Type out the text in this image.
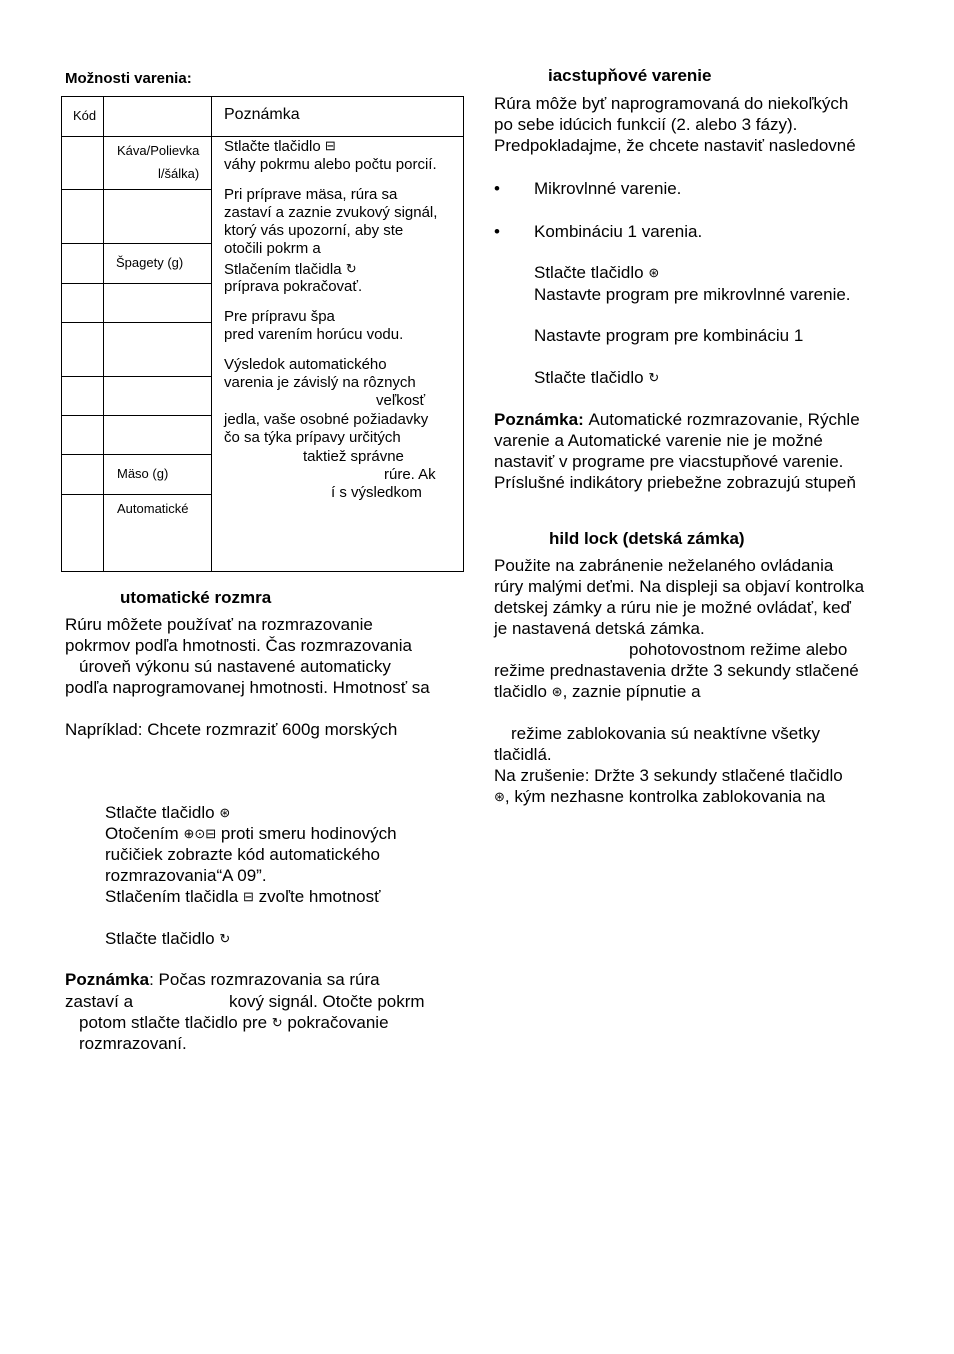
Možnosti varenia:
Kód	Poznámka
Káva/Polievka
l/šálka)
Špagety (g)
Mäso (g)
Automatické
Stlačte tlačidlo ⊟
váhy pokrmu alebo počtu porcií.
Pri príprave mäsa, rúra sa
zastaví a zaznie zvukový signál,
ktorý vás upozorní, aby ste
otočili pokrm a
Stlačením tlačidla ↻
príprava pokračovať.
Pre prípravu špa
pred varením horúcu vodu.
Výsledok automatického
varenia je závislý na rôznych
veľkosť
jedla, vaše osobné požiadavky
čo sa týka prípavy určitých
taktiež správne
rúre. Ak
í s výsledkom
utomatické rozmra
Rúru môžete používať na rozmrazovanie
pokrmov podľa hmotnosti. Čas rozmrazovania
úroveň výkonu sú nastavené automaticky
podľa naprogramovanej hmotnosti. Hmotnosť sa
Napríklad: Chcete rozmraziť 600g morských
Stlačte tlačidlo ⊛
Otočením ⊕⊙⊟ proti smeru hodinových
ručičiek zobrazte kód automatického
rozmrazovania“A 09”.
Stlačením tlačidla ⊟ zvoľte hmotnosť
Stlačte tlačidlo ↻
Poznámka: Počas rozmrazovania sa rúra
zastaví a	kový signál. Otočte pokrm
potom stlačte tlačidlo pre ↻ pokračovanie
rozmrazovaní.
iacstupňové varenie
Rúra môže byť naprogramovaná do niekoľkých
po sebe idúcich funkcií (2. alebo 3 fázy).
Predpokladajme, že chcete nastaviť nasledovné
• Mikrovlnné varenie.
• Kombináciu 1 varenia.
Stlačte tlačidlo ⊛
Nastavte program pre mikrovlnné varenie.
Nastavte program pre kombináciu 1
Stlačte tlačidlo ↻
Poznámka: Automatické rozmrazovanie, Rýchle
varenie a Automatické varenie nie je možné
nastaviť v programe pre viacstupňové varenie.
Príslušné indikátory priebežne zobrazujú stupeň
hild lock (detská zámka)
Použite na zabránenie neželaného ovládania
rúry malými deťmi. Na displeji sa objaví kontrolka
detskej zámky a rúru nie je možné ovládať, keď
je nastavená detská zámka.
pohotovostnom režime alebo
režime prednastavenia držte 3 sekundy stlačené
tlačidlo ⊛, zaznie pípnutie a
režime zablokovania sú neaktívne všetky
tlačidlá.
Na zrušenie: Držte 3 sekundy stlačené tlačidlo
⊛, kým nezhasne kontrolka zablokovania na
